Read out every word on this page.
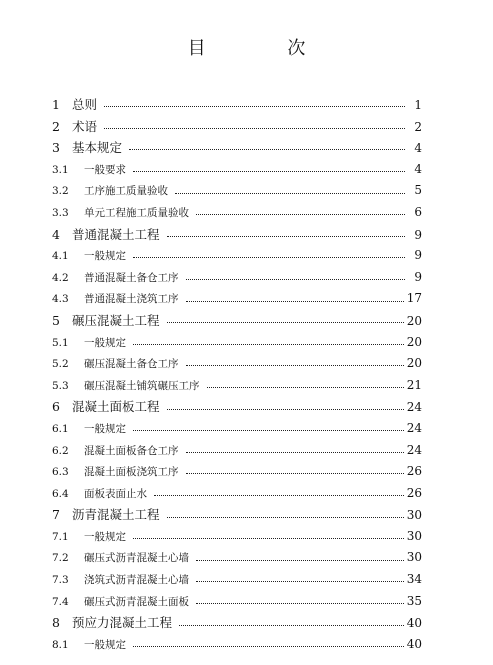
目 次
1 总则	1
2 术语	2
3 基本规定	4
3.1	一般要求	4
3.2	工序施工质量验收	5
3.3	单元工程施工质量验收	6
4 普通混凝土工程	9
4.1	一般规定	9
4.2	普通混凝土备仓工序	9
4.3	普通混凝土浇筑工序	17
5 碾压混凝土工程	20
5.1	一般规定	20
5.2	碾压混凝土备仓工序	20
5.3	碾压混凝土铺筑碾压工序	21
6 混凝土面板工程	24
6.1	一般规定	24
6.2	混凝土面板备仓工序	24
6.3	混凝土面板浇筑工序	26
6.4	面板表面止水	26
7 沥青混凝土工程	30
7.1	一般规定	30
7.2	碾压式沥青混凝土心墙	30
7.3	浇筑式沥青混凝土心墙	34
7.4	碾压式沥青混凝土面板	35
8 预应力混凝土工程	40
8.1	一般规定	40
